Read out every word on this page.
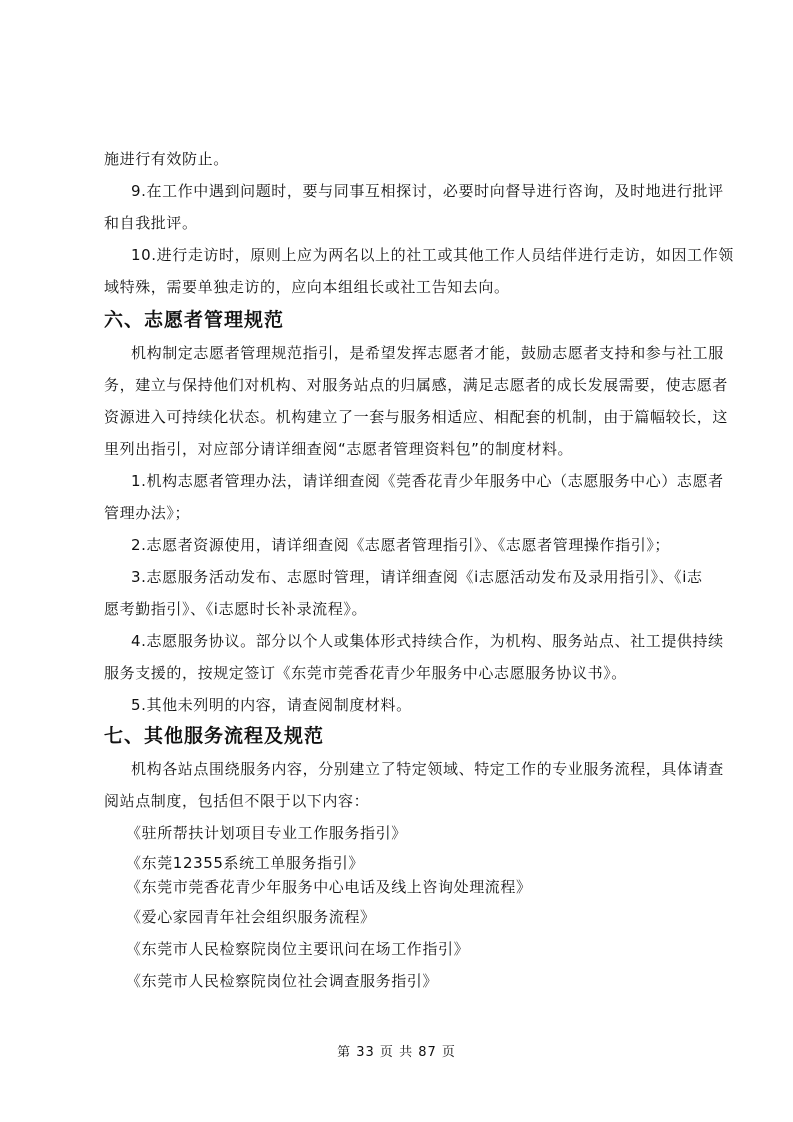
施进行有效防止。

9.在工作中遇到问题时，要与同事互相探讨，必要时向督导进行咨询，及时地进行批评

和自我批评。

10.进行走访时，原则上应为两名以上的社工或其他工作人员结伴进行走访，如因工作领

域特殊，需要单独走访的，应向本组组长或社工告知去向。

六、志愿者管理规范

机构制定志愿者管理规范指引，是希望发挥志愿者才能，鼓励志愿者支持和参与社工服

务，建立与保持他们对机构、对服务站点的归属感，满足志愿者的成长发展需要，使志愿者

资源进入可持续化状态。机构建立了一套与服务相适应、相配套的机制，由于篇幅较长，这

里列出指引，对应部分请详细查阅“志愿者管理资料包”的制度材料。

1.机构志愿者管理办法，请详细查阅《莞香花青少年服务中心（志愿服务中心）志愿者

管理办法》；

2.志愿者资源使用，请详细查阅《志愿者管理指引》、《志愿者管理操作指引》；

3.志愿服务活动发布、志愿时管理，请详细查阅《i志愿活动发布及录用指引》、《i志

愿考勤指引》、《i志愿时长补录流程》。

4.志愿服务协议。部分以个人或集体形式持续合作，为机构、服务站点、社工提供持续

服务支援的，按规定签订《东莞市莞香花青少年服务中心志愿服务协议书》。

5.其他未列明的内容，请查阅制度材料。

七、其他服务流程及规范

机构各站点围绕服务内容，分别建立了特定领域、特定工作的专业服务流程，具体请查

阅站点制度，包括但不限于以下内容：

《驻所帮扶计划项目专业工作服务指引》

《东莞12355系统工单服务指引》

《东莞市莞香花青少年服务中心电话及线上咨询处理流程》

《爱心家园青年社会组织服务流程》

《东莞市人民检察院岗位主要讯问在场工作指引》

《东莞市人民检察院岗位社会调查服务指引》

第 33 页 共 87 页
